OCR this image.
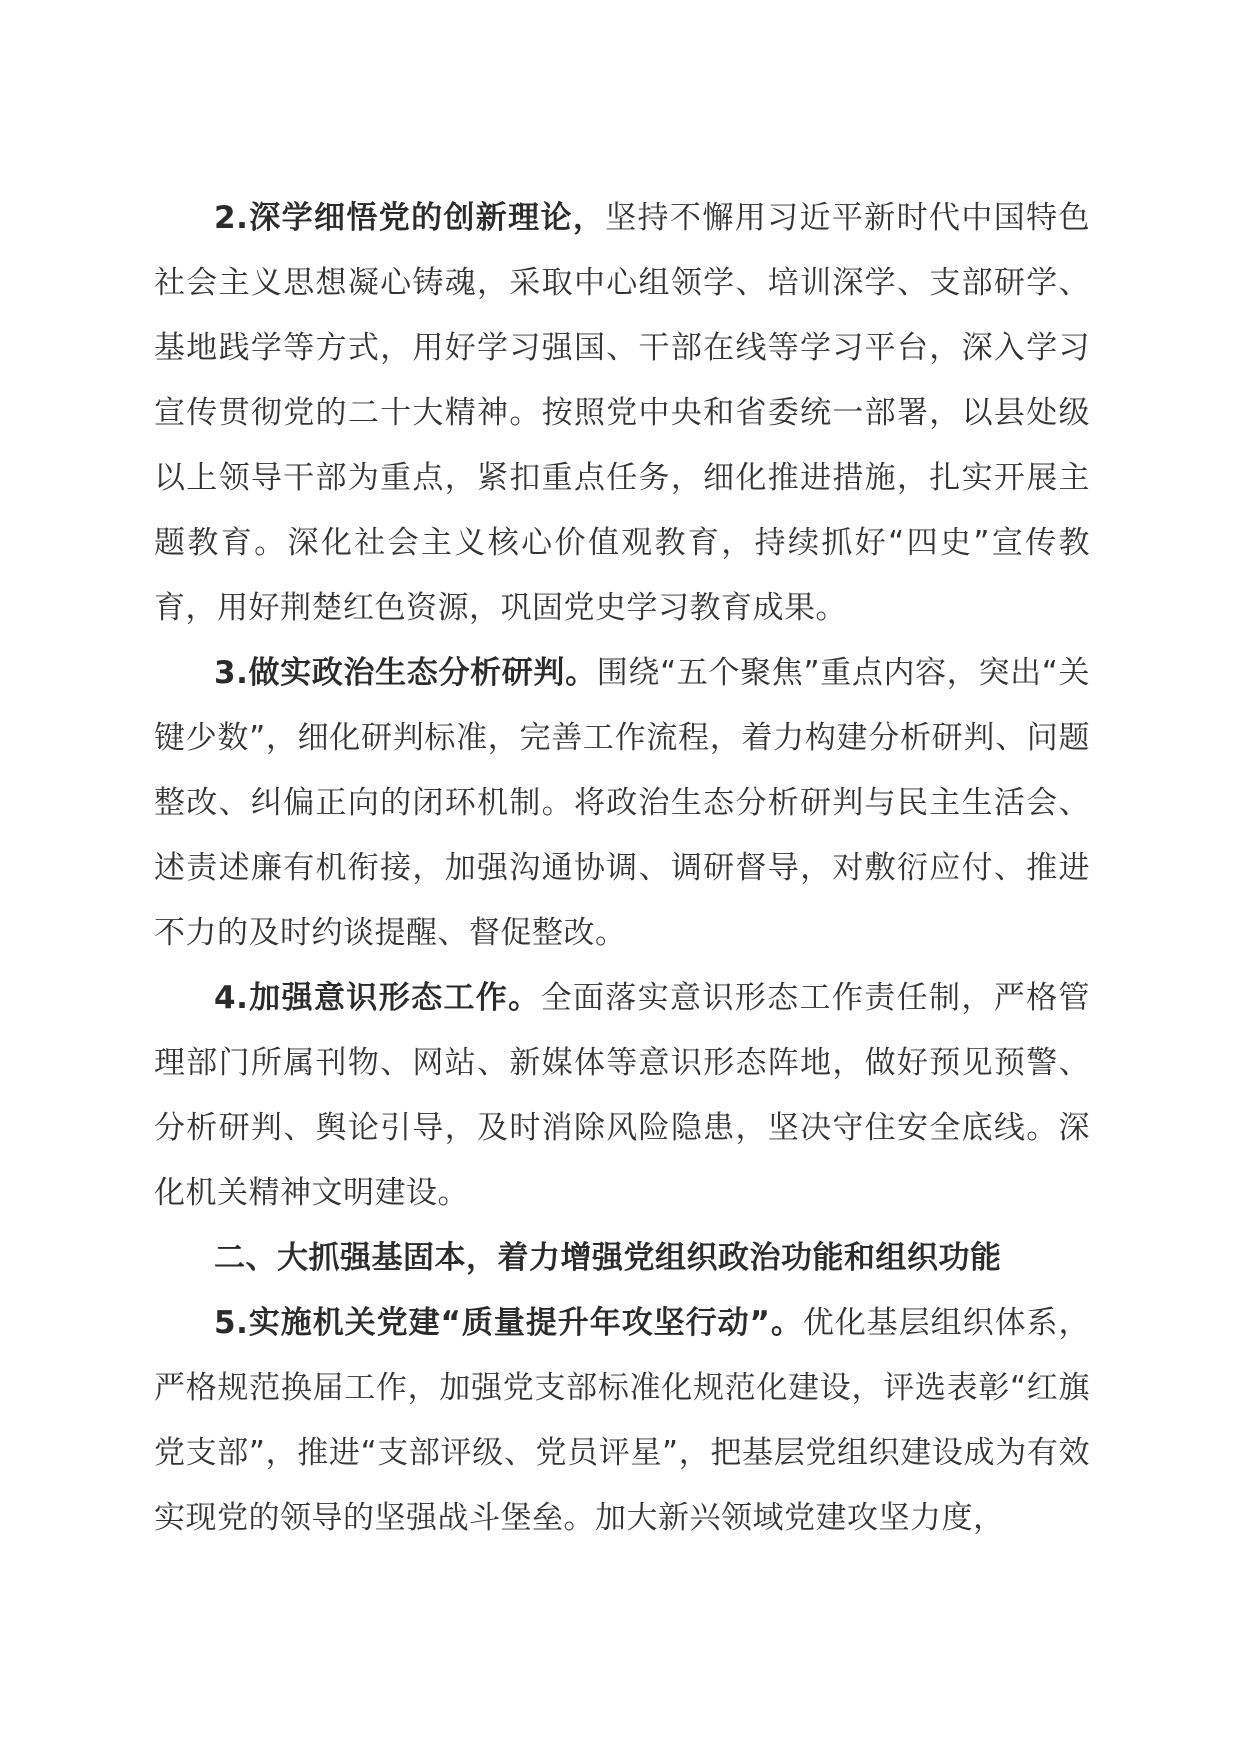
2.深学细悟党的创新理论，坚持不懈用习近平新时代中国特色社会主义思想凝心铸魂，采取中心组领学、培训深学、支部研学、基地践学等方式，用好学习强国、干部在线等学习平台，深入学习宣传贯彻党的二十大精神。按照党中央和省委统一部署，以县处级以上领导干部为重点，紧扣重点任务，细化推进措施，扎实开展主题教育。深化社会主义核心价值观教育，持续抓好“四史”宣传教育，用好荆楚红色资源，巩固党史学习教育成果。

3.做实政治生态分析研判。围绕“五个聚焦”重点内容，突出“关键少数”，细化研判标准，完善工作流程，着力构建分析研判、问题整改、纠偏正向的闭环机制。将政治生态分析研判与民主生活会、述责述廉有机衔接，加强沟通协调、调研督导，对敷衍应付、推进不力的及时约谈提醒、督促整改。

4.加强意识形态工作。全面落实意识形态工作责任制，严格管理部门所属刊物、网站、新媒体等意识形态阵地，做好预见预警、分析研判、舆论引导，及时消除风险隐患，坚决守住安全底线。深化机关精神文明建设。

二、大抓强基固本，着力增强党组织政治功能和组织功能

5.实施机关党建“质量提升年攻坚行动”。优化基层组织体系，严格规范换届工作，加强党支部标准化规范化建设，评选表彰“红旗党支部”，推进“支部评级、党员评星”，把基层党组织建设成为有效实现党的领导的坚强战斗堡垒。加大新兴领域党建攻坚力度，
